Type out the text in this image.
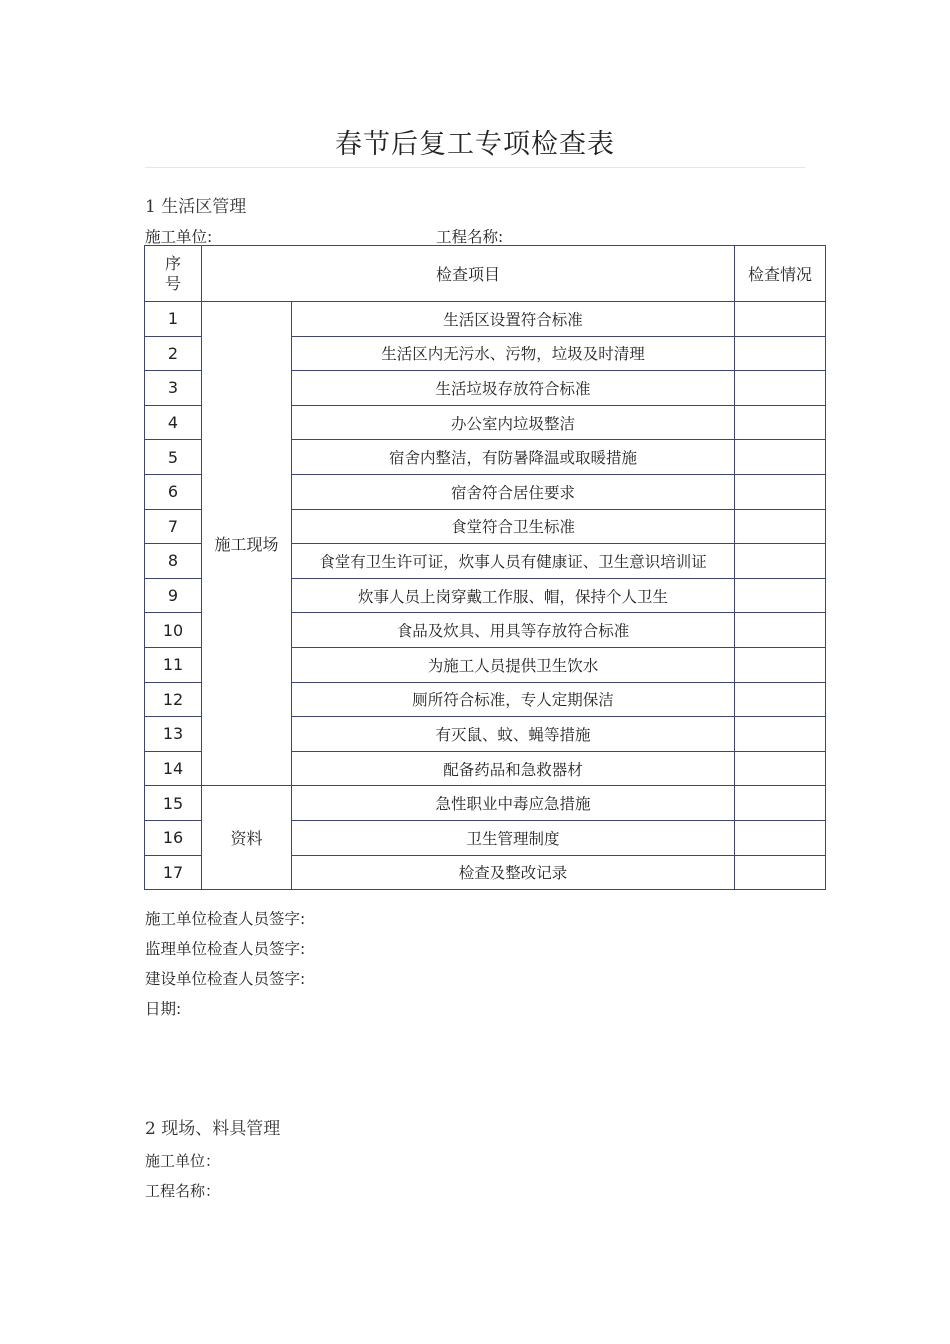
春节后复工专项检查表
1 生活区管理
施工单位:	工程名称:
序
号	检查项目		检查情况
1	施工现场	生活区设置符合标准	
2		生活区内无污水、污物，垃圾及时清理	
3		生活垃圾存放符合标准	
4		办公室内垃圾整洁	
5		宿舍内整洁，有防暑降温或取暖措施	
6		宿舍符合居住要求	
7		食堂符合卫生标准	
8		食堂有卫生许可证，炊事人员有健康证、卫生意识培训证	
9		炊事人员上岗穿戴工作服、帽，保持个人卫生	
10		食品及炊具、用具等存放符合标准	
11		为施工人员提供卫生饮水	
12		厕所符合标准，专人定期保洁	
13		有灭鼠、蚊、蝇等措施	
14		配备药品和急救器材	
15	资料	急性职业中毒应急措施	
16		卫生管理制度	
17		检查及整改记录	
施工单位检查人员签字:
监理单位检查人员签字:
建设单位检查人员签字:
日期:
2 现场、料具管理
施工单位：
工程名称：
